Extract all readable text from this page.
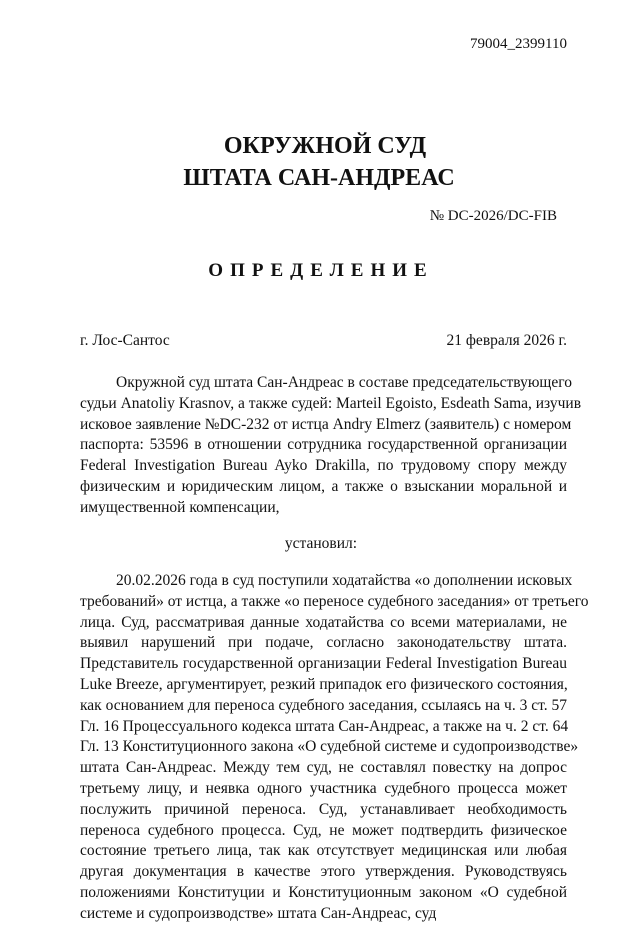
79004_2399110
ОКРУЖНОЙ СУД
ШТАТА САН-АНДРЕАС
№ DC-2026/DC-FIB
ОПРЕДЕЛЕНИЕ
г. Лос-Сантос	21 февраля 2026 г.
Окружной суд штата Сан-Андреас в составе председательствующего
судьи Anatoliy Krasnov, а также судей: Marteil Egoisto, Esdeath Sama, изучив
исковое заявление №DC-232 от истца Andry Elmerz (заявитель) с номером
паспорта: 53596 в отношении сотрудника государственной организации
Federal Investigation Bureau Ayko Drakilla, по трудовому спору между
физическим и юридическим лицом, а также о взыскании моральной и
имущественной компенсации,
установил:
20.02.2026 года в суд поступили ходатайства «о дополнении исковых
требований» от истца, а также «о переносе судебного заседания» от третьего
лица. Суд, рассматривая данные ходатайства со всеми материалами, не
выявил нарушений при подаче, согласно законодательству штата.
Представитель государственной организации Federal Investigation Bureau
Luke Breeze, аргументирует, резкий припадок его физического состояния,
как основанием для переноса судебного заседания, ссылаясь на ч. 3 ст. 57
Гл. 16 Процессуального кодекса штата Сан-Андреас, а также на ч. 2 ст. 64
Гл. 13 Конституционного закона «О судебной системе и судопроизводстве»
штата Сан-Андреас. Между тем суд, не составлял повестку на допрос
третьему лицу, и неявка одного участника судебного процесса может
послужить причиной переноса. Суд, устанавливает необходимость
переноса судебного процесса. Суд, не может подтвердить физическое
состояние третьего лица, так как отсутствует медицинская или любая
другая документация в качестве этого утверждения. Руководствуясь
положениями Конституции и Конституционным законом «О судебной
системе и судопроизводстве» штата Сан-Андреас, суд
